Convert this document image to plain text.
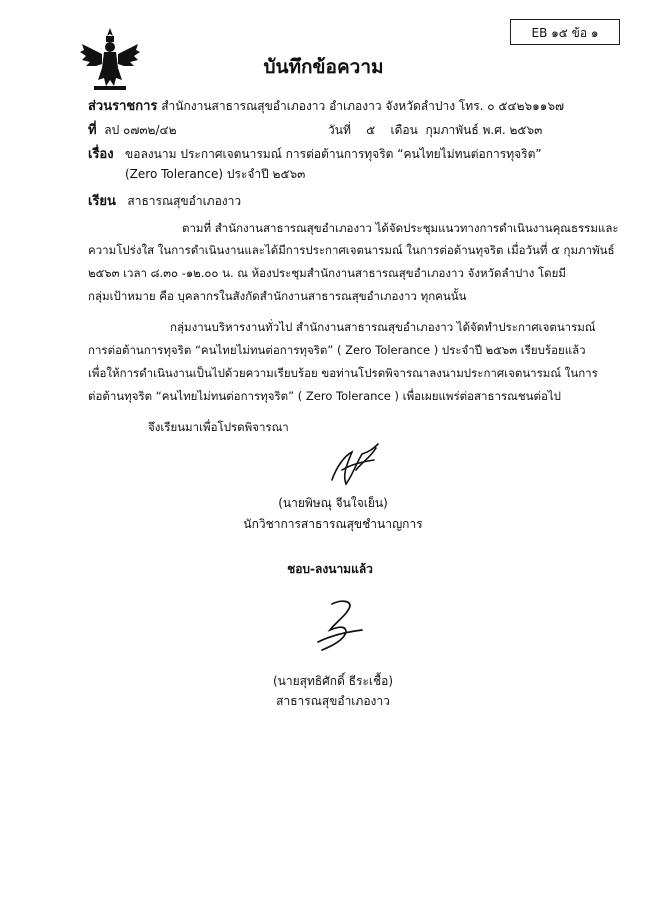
EB ๑๕ ข้อ ๑
บันทึกข้อความ
ส่วนราชการ สำนักงานสาธารณสุขอำเภองาว อำเภองาว จังหวัดลำปาง โทร. ๐ ๕๔๒๖๑๑๖๗
ที่ ลป ๐๗๓๒/๔๒	วันที่ ๕ เดือน กุมภาพันธ์ พ.ศ. ๒๕๖๓
เรื่อง ขอลงนาม ประกาศเจตนารมณ์ การต่อต้านการทุจริต “คนไทยไม่ทนต่อการทุจริต”
(Zero Tolerance) ประจำปี ๒๕๖๓
เรียน สาธารณสุขอำเภองาว
ตามที่ สำนักงานสาธารณสุขอำเภองาว ได้จัดประชุมแนวทางการดำเนินงานคุณธรรมและ
ความโปร่งใส ในการดำเนินงานและได้มีการประกาศเจตนารมณ์ ในการต่อต้านทุจริต เมื่อวันที่ ๕ กุมภาพันธ์
๒๕๖๓ เวลา ๘.๓๐ -๑๒.๐๐ น. ณ ห้องประชุมสำนักงานสาธารณสุขอำเภองาว จังหวัดลำปาง โดยมี
กลุ่มเป้าหมาย คือ บุคลากรในสังกัดสำนักงานสาธารณสุขอำเภองาว ทุกคนนั้น
กลุ่มงานบริหารงานทั่วไป สำนักงานสาธารณสุขอำเภองาว ได้จัดทำประกาศเจตนารมณ์
การต่อต้านการทุจริต “คนไทยไม่ทนต่อการทุจริต” ( Zero Tolerance ) ประจำปี ๒๕๖๓ เรียบร้อยแล้ว
เพื่อให้การดำเนินงานเป็นไปด้วยความเรียบร้อย ขอท่านโปรดพิจารณาลงนามประกาศเจตนารมณ์ ในการ
ต่อต้านทุจริต “คนไทยไม่ทนต่อการทุจริต” ( Zero Tolerance ) เพื่อเผยแพร่ต่อสาธารณชนต่อไป
จึงเรียนมาเพื่อโปรดพิจารณา
(นายพิษณุ จีนใจเย็น)
นักวิชาการสาธารณสุขชำนาญการ
ชอบ-ลงนามแล้ว
(นายสุทธิศักดิ์ ธีระเชื้อ)
สาธารณสุขอำเภองาว
